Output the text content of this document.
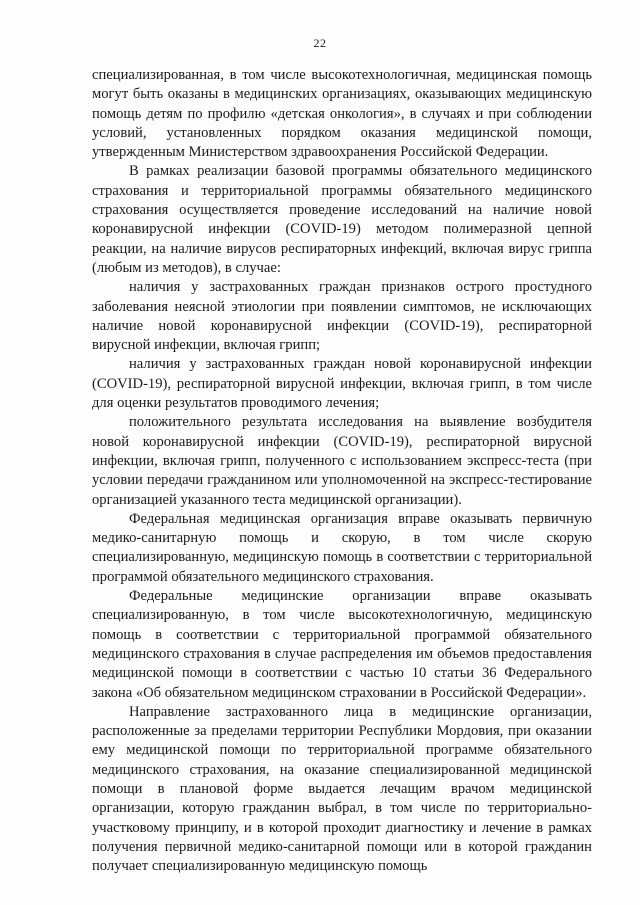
22

специализированная, в том числе высокотехнологичная, медицинская помощь могут быть оказаны в медицинских организациях, оказывающих медицинскую помощь детям по профилю «детская онкология», в случаях и при соблюдении условий, установленных порядком оказания медицинской помощи, утвержденным Министерством здравоохранения Российской Федерации.

В рамках реализации базовой программы обязательного медицинского страхования и территориальной программы обязательного медицинского страхования осуществляется проведение исследований на наличие новой коронавирусной инфекции (COVID-19) методом полимеразной цепной реакции, на наличие вирусов респираторных инфекций, включая вирус гриппа (любым из методов), в случае:

наличия у застрахованных граждан признаков острого простудного заболевания неясной этиологии при появлении симптомов, не исключающих наличие новой коронавирусной инфекции (COVID-19), респираторной вирусной инфекции, включая грипп;

наличия у застрахованных граждан новой коронавирусной инфекции (COVID-19), респираторной вирусной инфекции, включая грипп, в том числе для оценки результатов проводимого лечения;

положительного результата исследования на выявление возбудителя новой коронавирусной инфекции (COVID-19), респираторной вирусной инфекции, включая грипп, полученного с использованием экспресс-теста (при условии передачи гражданином или уполномоченной на экспресс-тестирование организацией указанного теста медицинской организации).

Федеральная медицинская организация вправе оказывать первичную медико-санитарную помощь и скорую, в том числе скорую специализированную, медицинскую помощь в соответствии с территориальной программой обязательного медицинского страхования.

Федеральные медицинские организации вправе оказывать специализированную, в том числе высокотехнологичную, медицинскую помощь в соответствии с территориальной программой обязательного медицинского страхования в случае распределения им объемов предоставления медицинской помощи в соответствии с частью 10 статьи 36 Федерального закона «Об обязательном медицинском страховании в Российской Федерации».

Направление застрахованного лица в медицинские организации, расположенные за пределами территории Республики Мордовия, при оказании ему медицинской помощи по территориальной программе обязательного медицинского страхования, на оказание специализированной медицинской помощи в плановой форме выдается лечащим врачом медицинской организации, которую гражданин выбрал, в том числе по территориально-участковому принципу, и в которой проходит диагностику и лечение в рамках получения первичной медико-санитарной помощи или в которой гражданин получает специализированную медицинскую помощь
